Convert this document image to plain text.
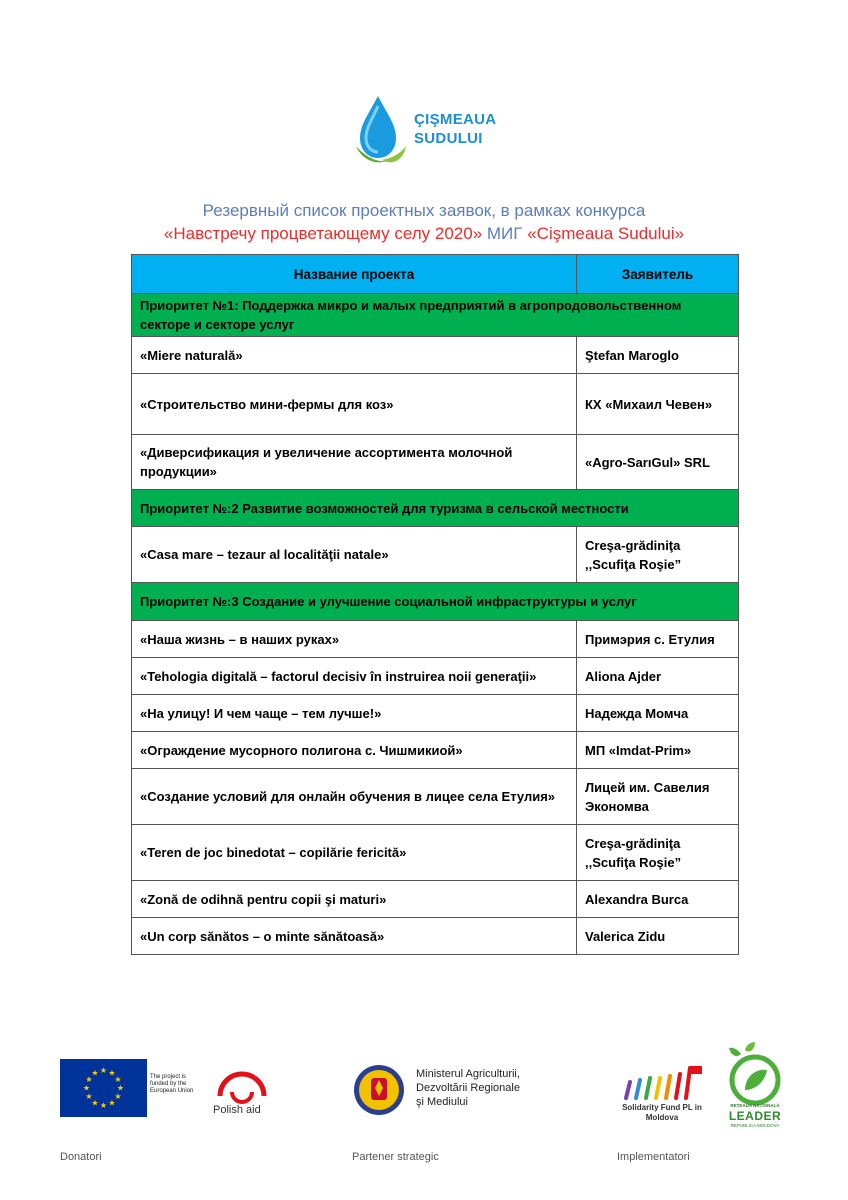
ÇIŞMEAUA
SUDULUI
Резервный список проектных заявок, в рамках конкурса
«Навстречу процветающему селу 2020» МИГ «Cişmeaua Sudului»
Название проекта	Заявитель
Приоритет №1: Поддержка микро и малых предприятий в агропродовольственном секторе и секторе услуг	
«Miere naturală»	Ştefan Maroglo
«Строительство мини-фермы для коз»	КХ «Михаил Чевен»
«Диверсификация и увеличение ассортимента молочной продукции»	«Agro-SarıGul» SRL
Приоритет №:2 Развитие возможностей для туризма в сельской местности	
«Casa mare – tezaur al localităţii natale»	Creşa-grădiniţa ,,Scufiţa Roşie”
Приоритет №:3 Создание и улучшение социальной инфраструктуры и услуг	
«Наша жизнь – в наших руках»	Примэрия с. Етулия
«Tehologia digitală – factorul decisiv în instruirea noii generaţii»	Aliona Ajder
«На улицу! И чем чаще – тем лучше!»	Надежда Момча
«Ограждение мусорного полигона с. Чишмикиой»	МП «Imdat-Prim»
«Создание условий для онлайн обучения в лицее села Етулия»	Лицей им. Савелия Экономва
«Teren de joc binedotat – copilărie fericită»	Creşa-grădiniţa ,,Scufiţa Roşie”
«Zonă de odihnă pentru copii şi maturi»	Alexandra Burca
«Un corp sănătos – o minte sănătoasă»	Valerica Zidu
★ ★
★
★
★
★
★
★
★
★
★
★	The project is funded by the European Union
Polish aid
Ministerul Agriculturii,
Dezvoltării Regionale
şi Mediului	Solidarity Fund PL in Moldova
REȚEAUA NAȚIONALĂ
LEADER
REPUBLICA MOLDOVA
Donatori	Partener strategic	Implementatori
